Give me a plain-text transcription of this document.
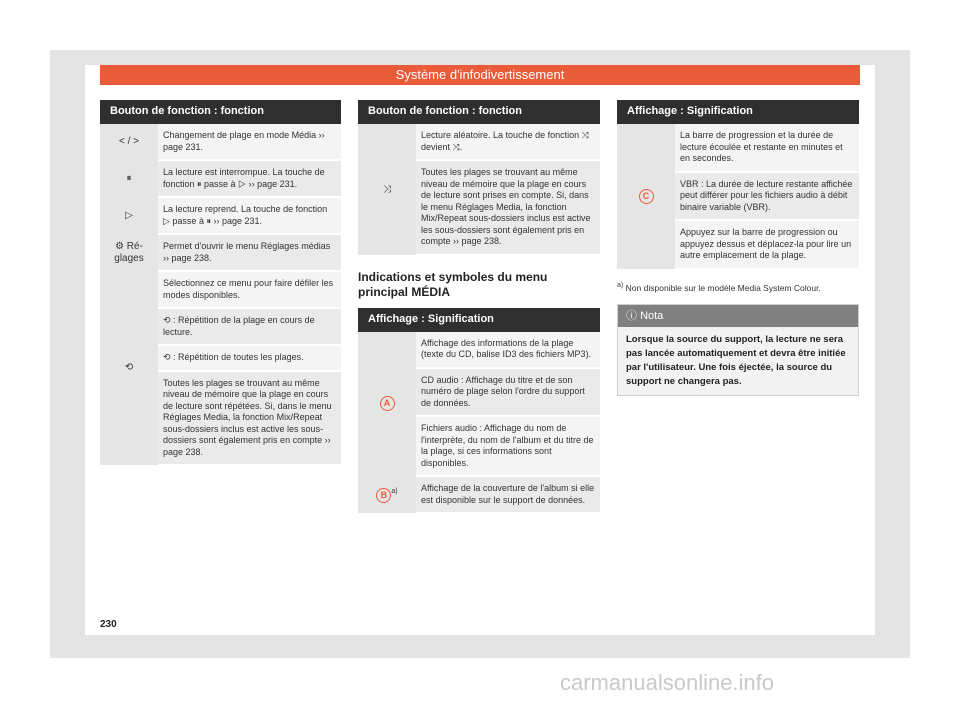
Système d'infodivertissement
Bouton de fonction : fonction	
< / >	Changement de plage en mode Média ›› page 231.
⏸	La lecture est interrompue. La touche de fonction ⏸ passe à ▷ ›› page 231.
▷	La lecture reprend. La touche de fonction ▷ passe à ⏸ ›› page 231.
⚙ Ré-glages	Permet d'ouvrir le menu Réglages médias ›› page 238.
⟲	Sélectionnez ce menu pour faire défiler les modes disponibles.
	⟲ : Répétition de la plage en cours de lecture.
	⟲ : Répétition de toutes les plages.
	Toutes les plages se trouvant au même niveau de mémoire que la plage en cours de lecture sont répétées. Si, dans le menu Réglages Media, la fonction Mix/Repeat sous-dossiers inclus est active les sous-dossiers sont également pris en compte ›› page 238.
Bouton de fonction : fonction
⤨	Lecture aléatoire. La touche de fonction ⤨ devient ⤨.
Toutes les plages se trouvant au même niveau de mémoire que la plage en cours de lecture sont prises en compte. Si, dans le menu Réglages Media, la fonction Mix/Repeat sous-dossiers inclus est active les sous-dossiers sont également pris en compte ›› page 238.
Indications et symboles du menu principal MÉDIA
Affichage : Signification	
A	Affichage des informations de la plage (texte du CD, balise ID3 des fichiers MP3).
	CD audio : Affichage du titre et de son numéro de plage selon l'ordre du support de données.
	Fichiers audio : Affichage du nom de l'interprète, du nom de l'album et du titre de la plage, si ces informations sont disponibles.
B $^{a)}$	Affichage de la couverture de l'album si elle est disponible sur le support de données.
Affichage : Signification
C	La barre de progression et la durée de lecture écoulée et restante en minutes et en secondes.
VBR : La durée de lecture restante affichée peut différer pour les fichiers audio à débit binaire variable (VBR).
Appuyez sur la barre de progression ou appuyez dessus et déplacez-la pour lire un autre emplacement de la plage.
$^{a)}$ Non disponible sur le modèle Media System Colour.
ⓘ Nota
Lorsque la source du support, la lecture ne sera pas lancée automatiquement et devra être initiée par l'utilisateur. Une fois éjectée, la source du support ne changera pas.
230
carmanualsonline.info
